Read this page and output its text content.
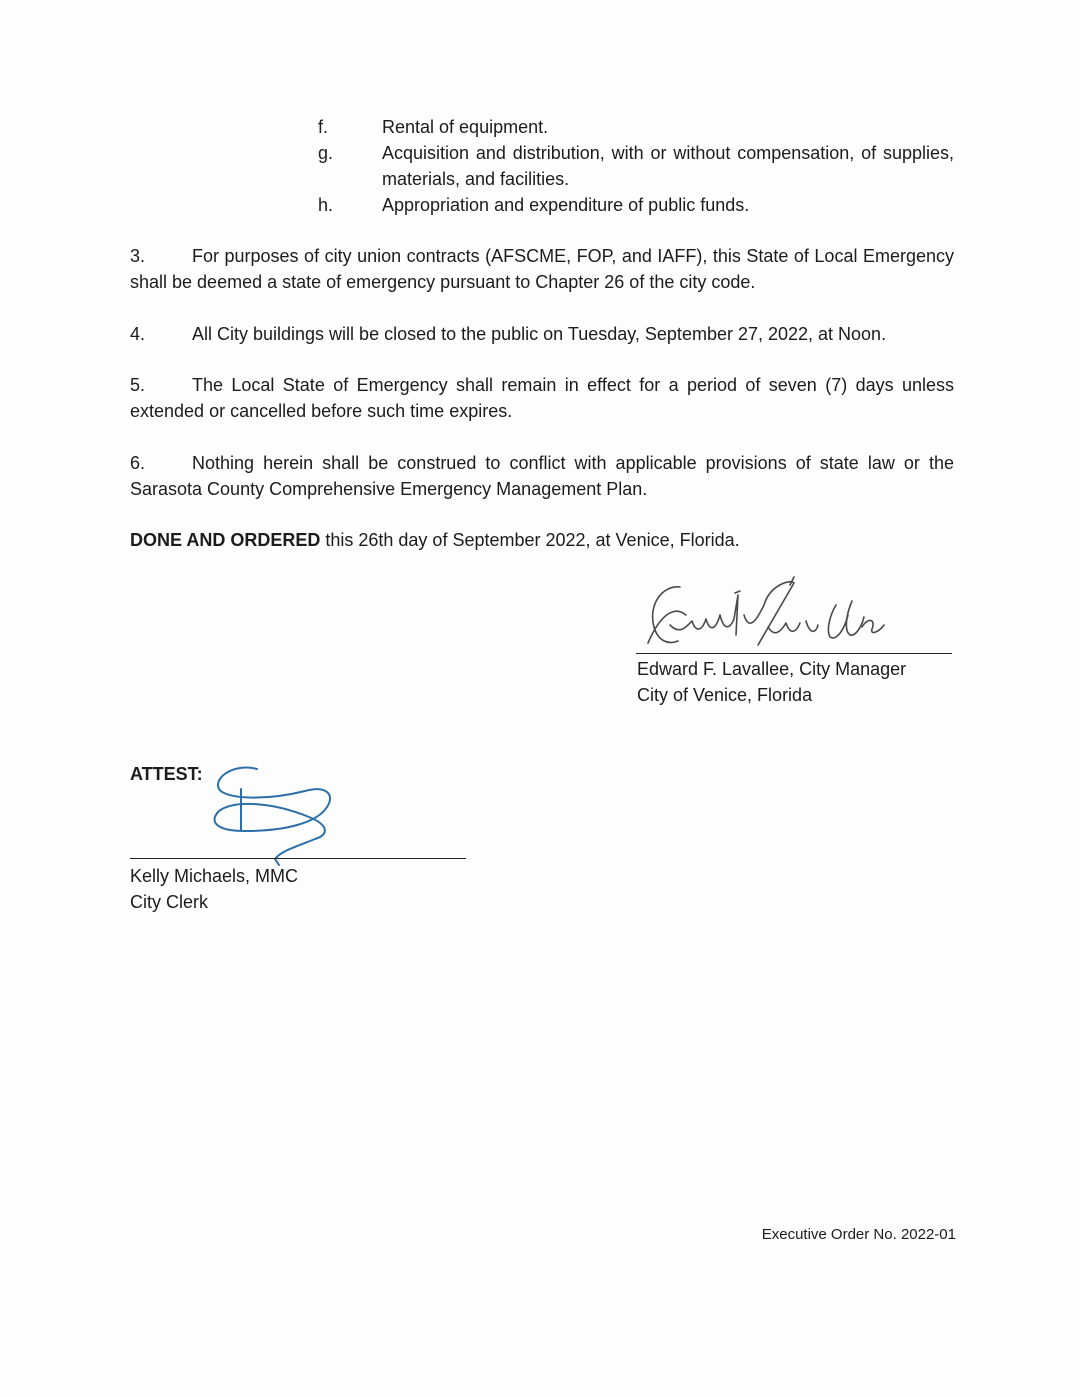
f.	Rental of equipment.
g.	Acquisition and distribution, with or without compensation, of supplies, materials, and facilities.
h.	Appropriation and expenditure of public funds.
3.	For purposes of city union contracts (AFSCME, FOP, and IAFF), this State of Local Emergency shall be deemed a state of emergency pursuant to Chapter 26 of the city code.
4.	All City buildings will be closed to the public on Tuesday, September 27, 2022, at Noon.
5.	The Local State of Emergency shall remain in effect for a period of seven (7) days unless extended or cancelled before such time expires.
6.	Nothing herein shall be construed to conflict with applicable provisions of state law or the Sarasota County Comprehensive Emergency Management Plan.
DONE AND ORDERED this 26th day of September 2022, at Venice, Florida.
Edward F. Lavallee, City Manager
City of Venice, Florida
ATTEST:
Kelly Michaels, MMC
City Clerk
Executive Order No. 2022-01
